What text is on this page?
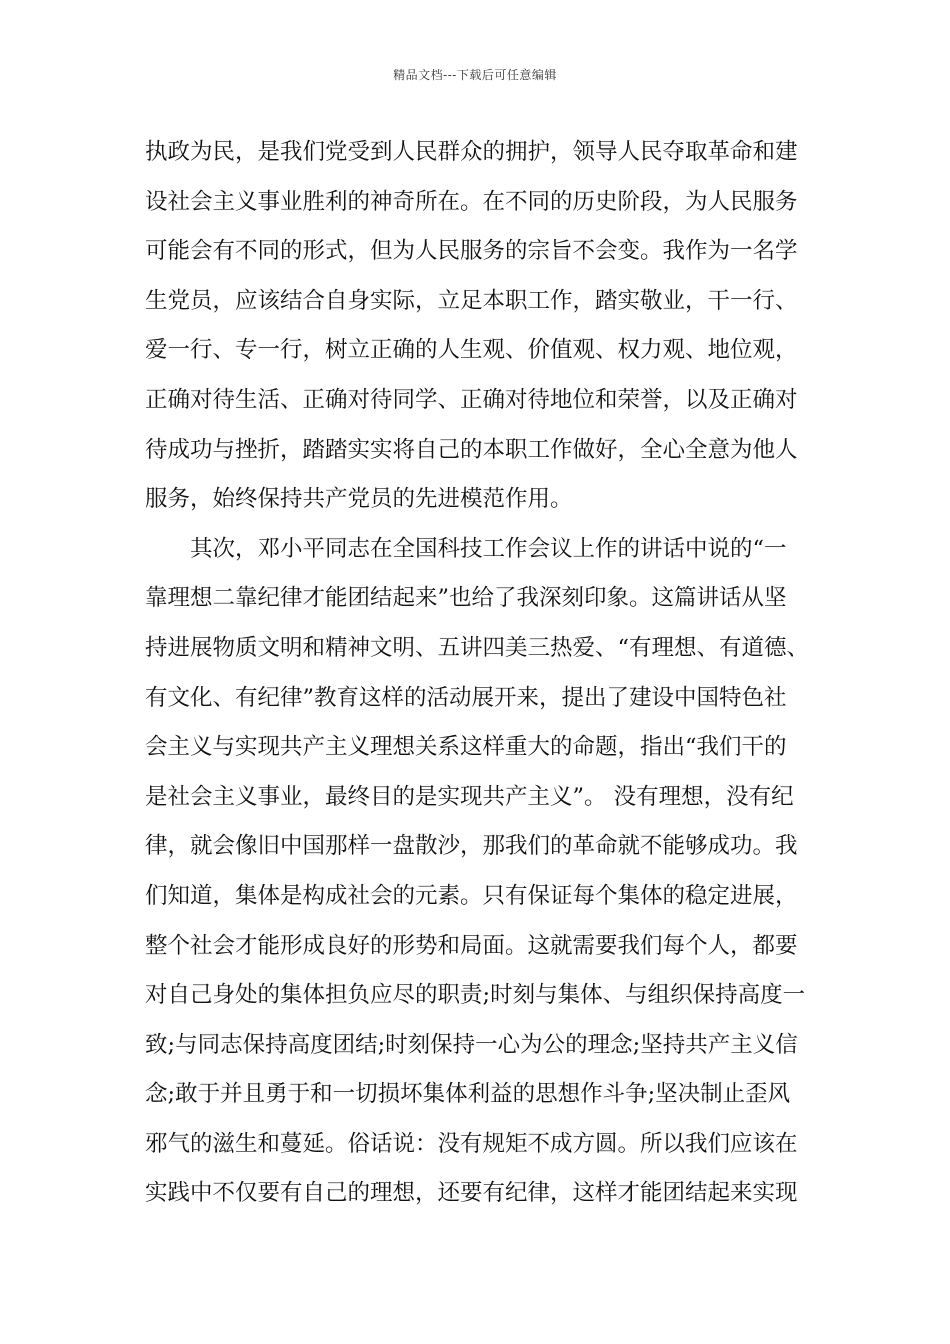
精品文档---下载后可任意编辑
执政为民，是我们党受到人民群众的拥护，领导人民夺取革命和建
设社会主义事业胜利的神奇所在。在不同的历史阶段，为人民服务
可能会有不同的形式，但为人民服务的宗旨不会变。我作为一名学
生党员，应该结合自身实际，立足本职工作，踏实敬业，干一行、
爱一行、专一行，树立正确的人生观、价值观、权力观、地位观，
正确对待生活、正确对待同学、正确对待地位和荣誉，以及正确对
待成功与挫折，踏踏实实将自己的本职工作做好，全心全意为他人
服务，始终保持共产党员的先进模范作用。
　　其次，邓小平同志在全国科技工作会议上作的讲话中说的“一
靠理想二靠纪律才能团结起来”也给了我深刻印象。这篇讲话从坚
持进展物质文明和精神文明、五讲四美三热爱、“有理想、有道德、
有文化、有纪律”教育这样的活动展开来，提出了建设中国特色社
会主义与实现共产主义理想关系这样重大的命题，指出“我们干的
是社会主义事业，最终目的是实现共产主义”。 没有理想，没有纪
律，就会像旧中国那样一盘散沙，那我们的革命就不能够成功。我
们知道，集体是构成社会的元素。只有保证每个集体的稳定进展，
整个社会才能形成良好的形势和局面。这就需要我们每个人，都要
对自己身处的集体担负应尽的职责;时刻与集体、与组织保持高度一
致;与同志保持高度团结;时刻保持一心为公的理念;坚持共产主义信
念;敢于并且勇于和一切损坏集体利益的思想作斗争;坚决制止歪风
邪气的滋生和蔓延。俗话说：没有规矩不成方圆。所以我们应该在
实践中不仅要有自己的理想，还要有纪律，这样才能团结起来实现
